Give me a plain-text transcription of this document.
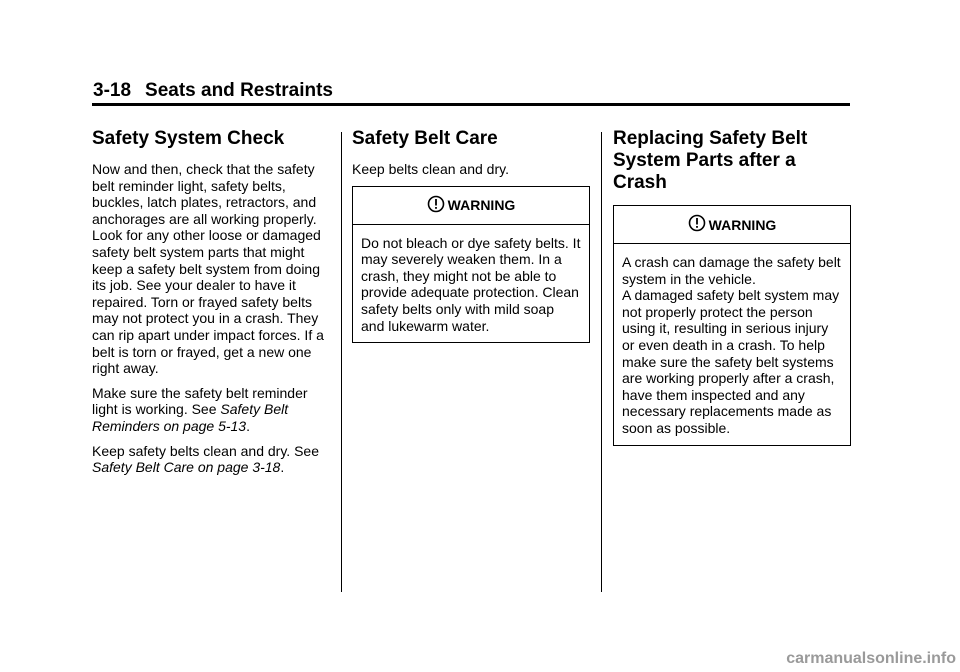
3-18 Seats and Restraints
Safety System Check

Now and then, check that the safety belt reminder light, safety belts, buckles, latch plates, retractors, and anchorages are all working properly. Look for any other loose or damaged safety belt system parts that might keep a safety belt system from doing its job. See your dealer to have it repaired. Torn or frayed safety belts may not protect you in a crash. They can rip apart under impact forces. If a belt is torn or frayed, get a new one right away.

Make sure the safety belt reminder light is working. See Safety Belt Reminders on page 5-13.

Keep safety belts clean and dry. See Safety Belt Care on page 3-18.

Safety Belt Care

Keep belts clean and dry.

WARNING
Do not bleach or dye safety belts. It may severely weaken them. In a crash, they might not be able to provide adequate protection. Clean safety belts only with mild soap and lukewarm water.
Replacing Safety Belt
System Parts after a
Crash
WARNING
A crash can damage the safety belt system in the vehicle.
A damaged safety belt system may not properly protect the person using it, resulting in serious injury or even death in a crash. To help make sure the safety belt systems are working properly after a crash, have them inspected and any necessary replacements made as soon as possible.
carmanualsonline.info
